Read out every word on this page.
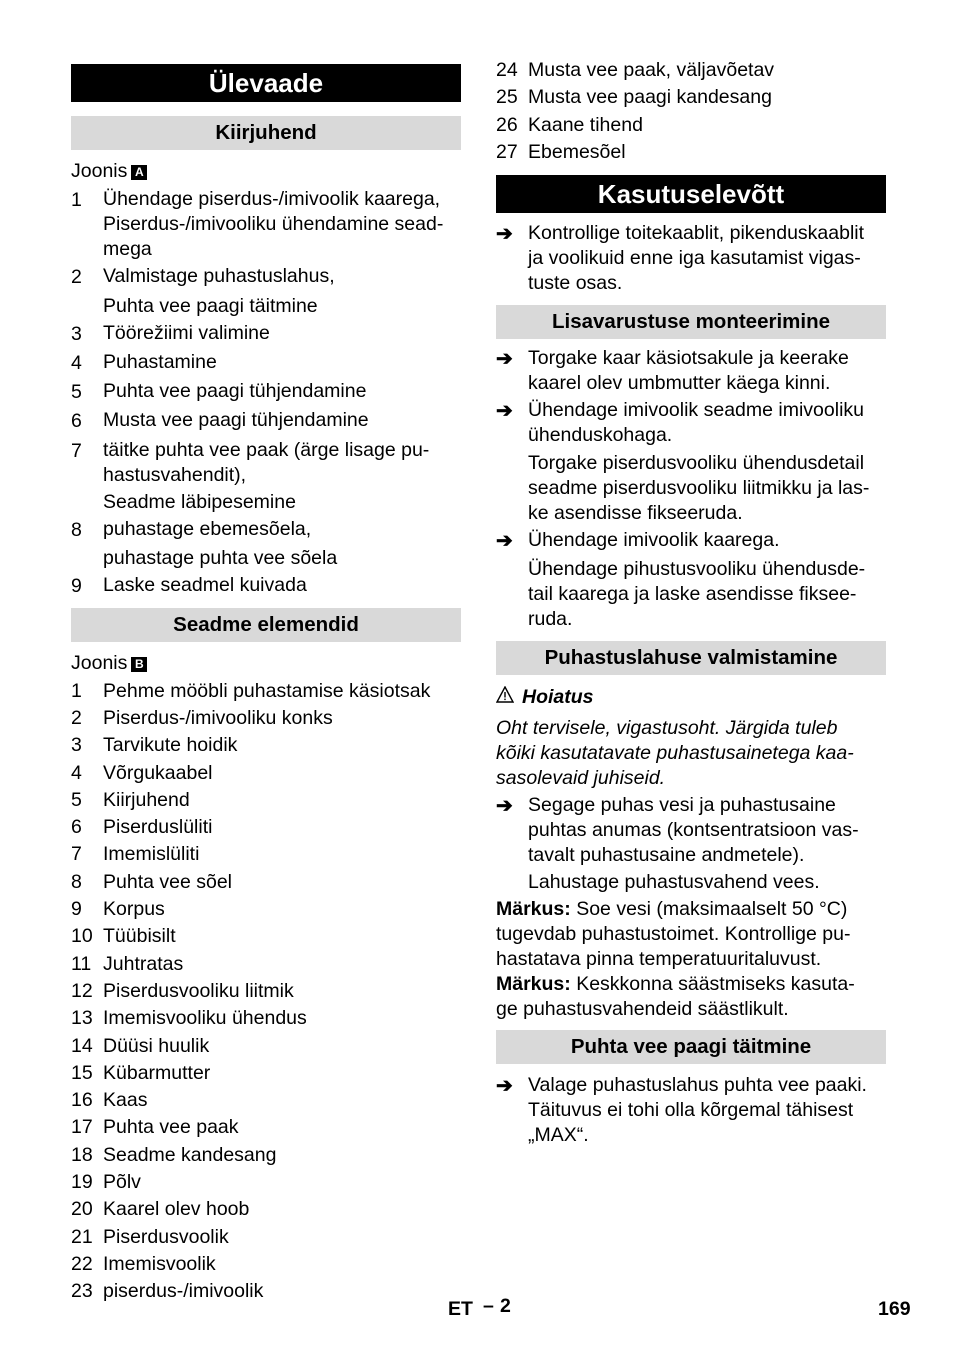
Ülevaade
Kiirjuhend
Joonis A
1	Ühendage piserdus-/imivoolik kaarega,
Piserdus-/imivooliku ühendamine sead-
mega
2	Valmistage puhastuslahus,
Puhta vee paagi täitmine
3	Töörežiimi valimine
4	Puhastamine
5	Puhta vee paagi tühjendamine
6	Musta vee paagi tühjendamine
7	täitke puhta vee paak (ärge lisage pu-
hastusvahendit),
Seadme läbipesemine
8	puhastage ebemesõela,
puhastage puhta vee sõela
9	Laske seadmel kuivada
Seadme elemendid
Joonis B
1	Pehme mööbli puhastamise käsiotsak
2	Piserdus-/imivooliku konks
3	Tarvikute hoidik
4	Võrgukaabel
5	Kiirjuhend
6	Piserduslüliti
7	Imemislüliti
8	Puhta vee sõel
9	Korpus
10 Tüübisilt
11 Juhtratas
12 Piserdusvooliku liitmik
13 Imemisvooliku ühendus
14 Düüsi huulik
15 Kübarmutter
16 Kaas
17 Puhta vee paak
18 Seadme kandesang
19 Põlv
20 Kaarel olev hoob
21 Piserdusvoolik
22 Imemisvoolik
23 piserdus-/imivoolik
24 Musta vee paak, väljavõetav
25 Musta vee paagi kandesang
26 Kaane tihend
27 Ebemesõel
Kasutuselevõtt
➔ Kontrollige toitekaablit, pikenduskaablit
ja voolikuid enne iga kasutamist vigas-
tuste osas.
Lisavarustuse monteerimine
➔ Torgake kaar käsiotsakule ja keerake
kaarel olev umbmutter käega kinni.
➔ Ühendage imivoolik seadme imivooliku
ühenduskohaga.
Torgake piserdusvooliku ühendusdetail
seadme piserdusvooliku liitmikku ja las-
ke asendisse fikseeruda.
➔ Ühendage imivoolik kaarega.
Ühendage pihustusvooliku ühendusde-
tail kaarega ja laske asendisse fiksee-
ruda.
Puhastuslahuse valmistamine
Hoiatus
Oht tervisele, vigastusoht. Järgida tuleb
kõiki kasutatavate puhastusainetega kaa-
sasolevaid juhiseid.
➔ Segage puhas vesi ja puhastusaine
puhtas anumas (kontsentratsioon vas-
tavalt puhastusaine andmetele).
Lahustage puhastusvahend vees.
Märkus: Soe vesi (maksimaalselt 50 °C)
tugevdab puhastustoimet. Kontrollige pu-
hastatava pinna temperatuuritaluvust.
Märkus: Keskkonna säästmiseks kasuta-
ge puhastusvahendeid säästlikult.
Puhta vee paagi täitmine
➔ Valage puhastuslahus puhta vee paaki.
Täituvus ei tohi olla kõrgemal tähisest
„MAX“.
ET – 2	169
